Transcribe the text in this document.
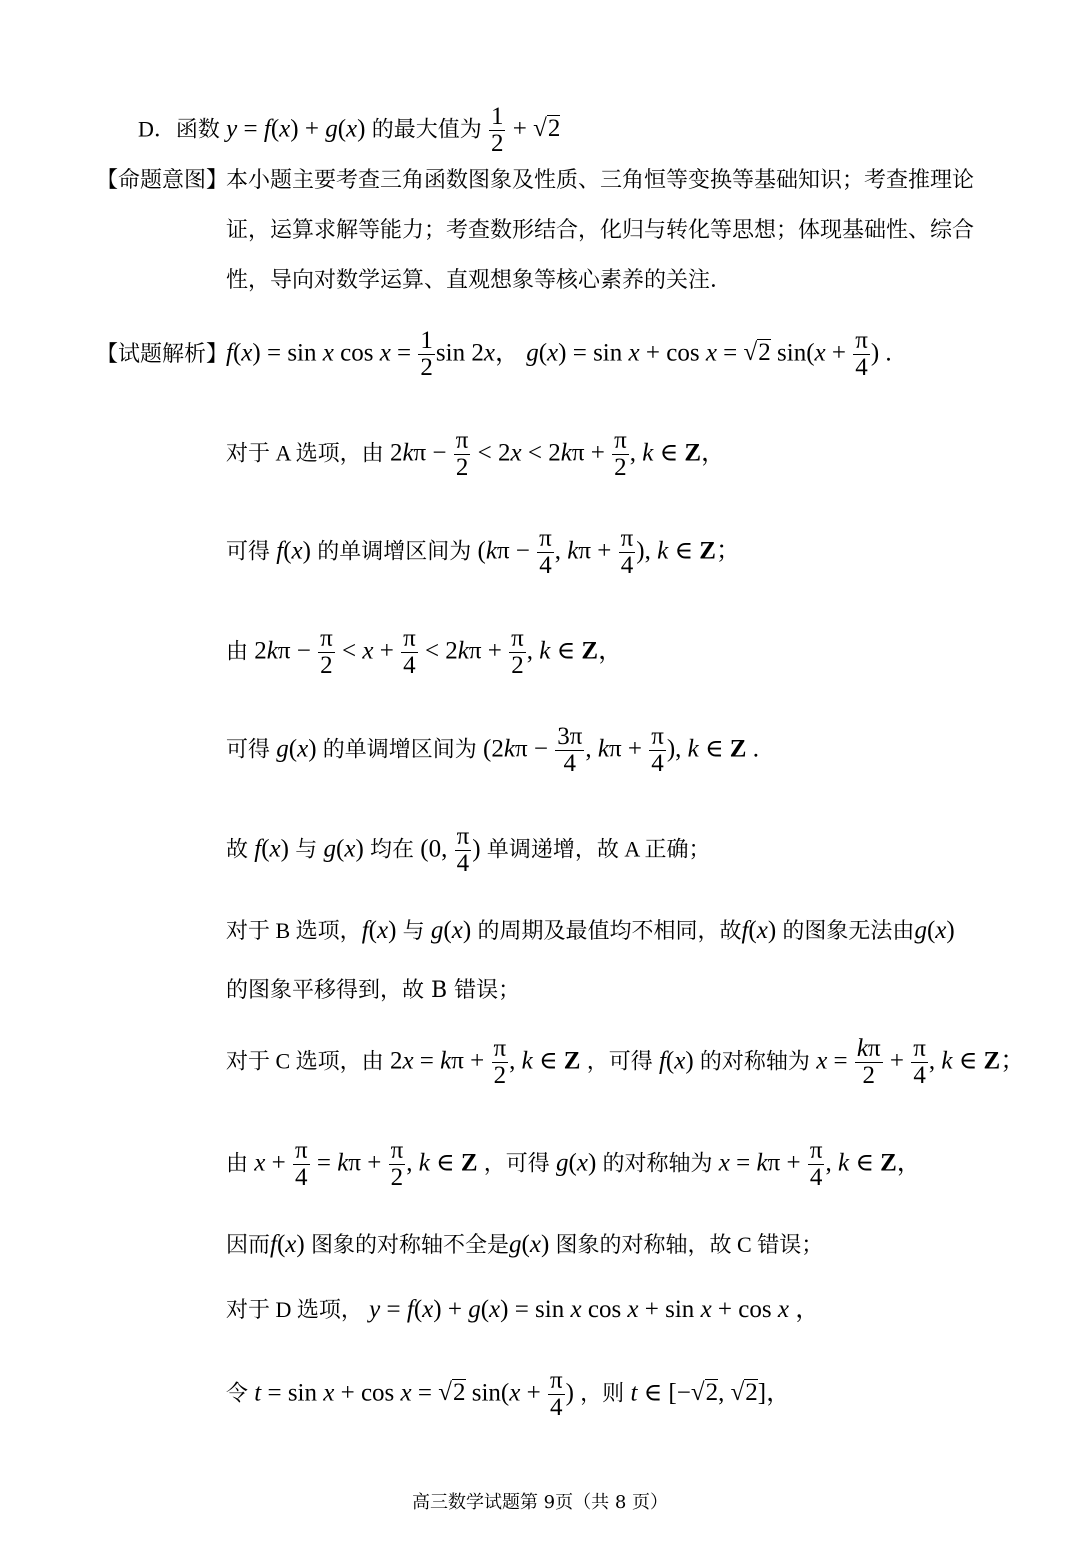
D．函数 y = f(x) + g(x) 的最大值为 $\frac{1}{2} + √2$
【命题意图】
本小题主要考查三角函数图象及性质、三角恒等变换等基础知识；考查推理论
证，运算求解等能力；考查数形结合，化归与转化等思想；体现基础性、综合
性，导向对数学运算、直观想象等核心素养的关注．
【试题解析】
f(x) = sin x $\cos x = \frac{1}{2}$ sin 2x， g(x) = sin x + cos x = √2 $\sin(x + \frac{\pi}{4}$ ) .
对于 A 选项，由 $2k\pi - \frac{\pi}{2} < 2x < 2k\pi + \frac{\pi}{2}$ , k ∈ Z，
可得 f(x) 的单调增区间为 ($k\pi - \frac{\pi}{4}$ , $k\pi + \frac{\pi}{4}$ ), k ∈ Z；
由 $2k\pi - \frac{\pi}{2} < x + \frac{\pi}{4} < 2k\pi + \frac{\pi}{2}$ , k ∈ Z，
可得 g(x) 的单调增区间为 ($2k\pi - \frac{3\pi}{4}$ , $k\pi + \frac{\pi}{4}$ ), k ∈ Z .
故 f(x) 与 g(x) 均在 (0, $\frac{\pi}{4}$ ) 单调递增，故 A 正确；
对于 B 选项，f(x) 与 g(x) 的周期及最值均不相同，故f(x) 的图象无法由g(x)
的图象平移得到，故 B 错误；
对于 C 选项，由 $2x = k\pi + \frac{\pi}{2}$ , k ∈ Z ，可得 f(x) 的对称轴为 $x = \frac{k\pi}{2} + \frac{\pi}{4}$ , k ∈ Z；
由 $x + \frac{\pi}{4} = k\pi + \frac{\pi}{2}$ , k ∈ Z ，可得 g(x) 的对称轴为 $x = k\pi + \frac{\pi}{4}$ , k ∈ Z，
因而f(x) 图象的对称轴不全是g(x) 图象的对称轴，故 C 错误；
对于 D 选项， y = f(x) + g(x) = sin x cos x + sin x + cos x ，
令 t = sin x + cos x = √2 $\sin(x + \frac{\pi}{4}$ ) ，则 t ∈ [−√2, √2]，
高三数学试题第 9页（共 8 页）
